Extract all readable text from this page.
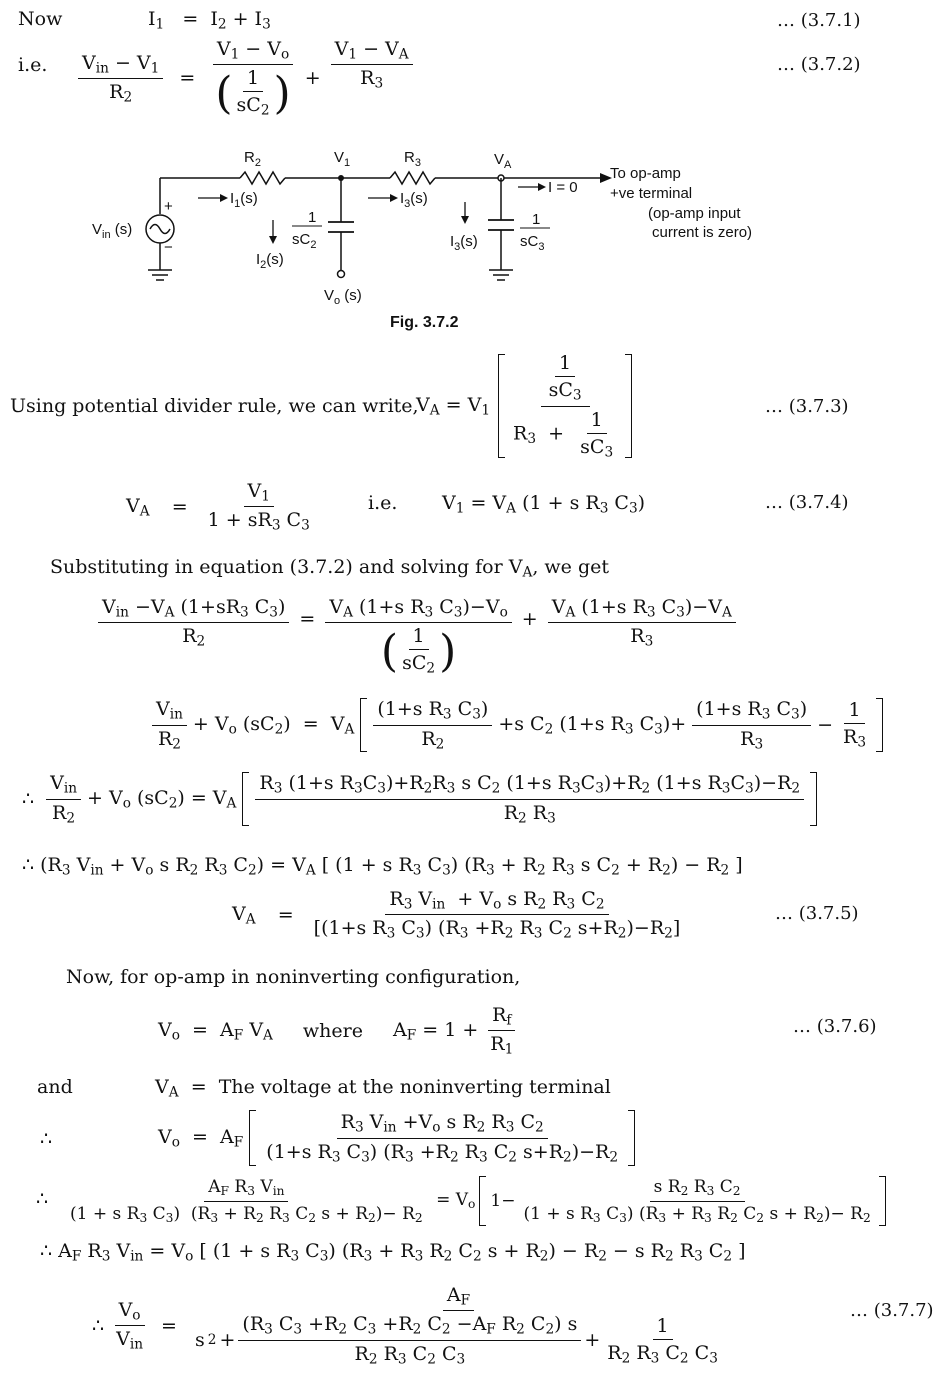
Now	$I_1 = I_2 + I_3$	… (3.7.1)
i.e. $\frac{V_{in} - V_1}{R_2} = \frac{V_1 - V_o}{( \frac{1}{sC_2} )} + \frac{V_1 - V_A}{R_3}$	… (3.7.2)
+
−
$V_{in}$ (s)
1
$sC_2$
$V_o$ (s)
1
$sC_3$
$I_1(s)$	$I_3(s)$
I = 0
$I_2(s)$
$I_3(s)$
$R_2$	$V_1$	$R_3$	$V_A$	To op-amp
+ve terminal
(op-amp input
current is zero)
Fig. 3.7.2
Using potential divider rule, we can write,
$V_A = V_1 \frac{\frac{1}{sC_3}}{R_3 + \frac{1}{sC_3}}$	… (3.7.3)
$V_A = \frac{V_1}{1 + sR_3 C_3}$	i.e. $V_1 = V_A$ (1 + s $R_3$ $C_3$)	… (3.7.4)
Substituting in equation (3.7.2) and solving for $V_A$, we get
$\frac{V_{in} -V_A (1+sR_3 C_3)}{R_2} = \frac{V_A (1+s R_3 C_3)-V_o}{( \frac{1}{sC_2} )} + \frac{V_A (1+s R_3 C_3)-V_A}{R_3}$
$\frac{V_{in}}{R_2} + V_o$ $(sC_2) = V_A \frac{(1+s R_3 C_3)}{R_2} +s$ $C_2$ (1+s $R_3$ $C_3)+ \frac{(1+s R_3 C_3)}{R_3} - \frac{1}{R_3}$
∴ $\frac{V_{in}}{R_2} + V_o$ $(sC_2) = V_A \frac{R_3 (1+s R_3C_3)+R_2R_3 s C_2 (1+s R_3C_3)+R_2 (1+s R_3C_3)-R_2}{R_2 R_3}$
∴ ($R_3$ $V_{in} + V_o$ s $R_2$ $R_3$ $C_2) = V_A$ [ (1 + s $R_3$ $C_3$) ($R_3 + R_2$ $R_3$ s $C_2 + R_2) - R_2$ ]
$V_A = \frac{R_3 V_{in} + V_o s R_2 R_3 C_2}{[(1+s R_3 C_3) (R_3 +R_2 R_3 C_2 s+R_2)-R_2]}$	… (3.7.5)
Now, for op-amp in noninverting configuration,
$V_o = A_F$ $V_A$ where $A_F = 1 + \frac{R_f}{R_1}$	… (3.7.6)
and	$V_A$  =  The voltage at the noninverting terminal
∴	$V_o = A_F \frac{R_3 V_{in} +V_o s R_2 R_3 C_2}{(1+s R_3 C_3) (R_3 +R_2 R_3 C_2 s+R_2)-R_2}$
∴ $\frac{A_F R_3 V_{in}}{(1 + s R_3 C_3) (R_3 + R_2 R_3 C_2 s + R_2)- R_2} = V_o$ $1- \frac{s R_2 R_3 C_2}{(1 + s R_3 C_3) (R_3 + R_3 R_2 C_2 s + R_2)- R_2}$
∴ $A_F$ $R_3$ $V_{in} = V_o$ [ (1 + s $R_3$ $C_3$) ($R_3 + R_3$ $R_2$ $C_2$ $s + R_2) - R_2 - s$ $R_2$ $R_3$ $C_2$ ]
∴ $\frac{V_o}{V_{in}}$ =
$A_F$
s $2 + \frac{(R_3 C_3 +R_2 C_3 +R_2 C_2 -A_F R_2 C_2) s}{R_2 R_3 C_2 C_3} + \frac{1}{R_2 R_3 C_2 C_3}$
… (3.7.7)
